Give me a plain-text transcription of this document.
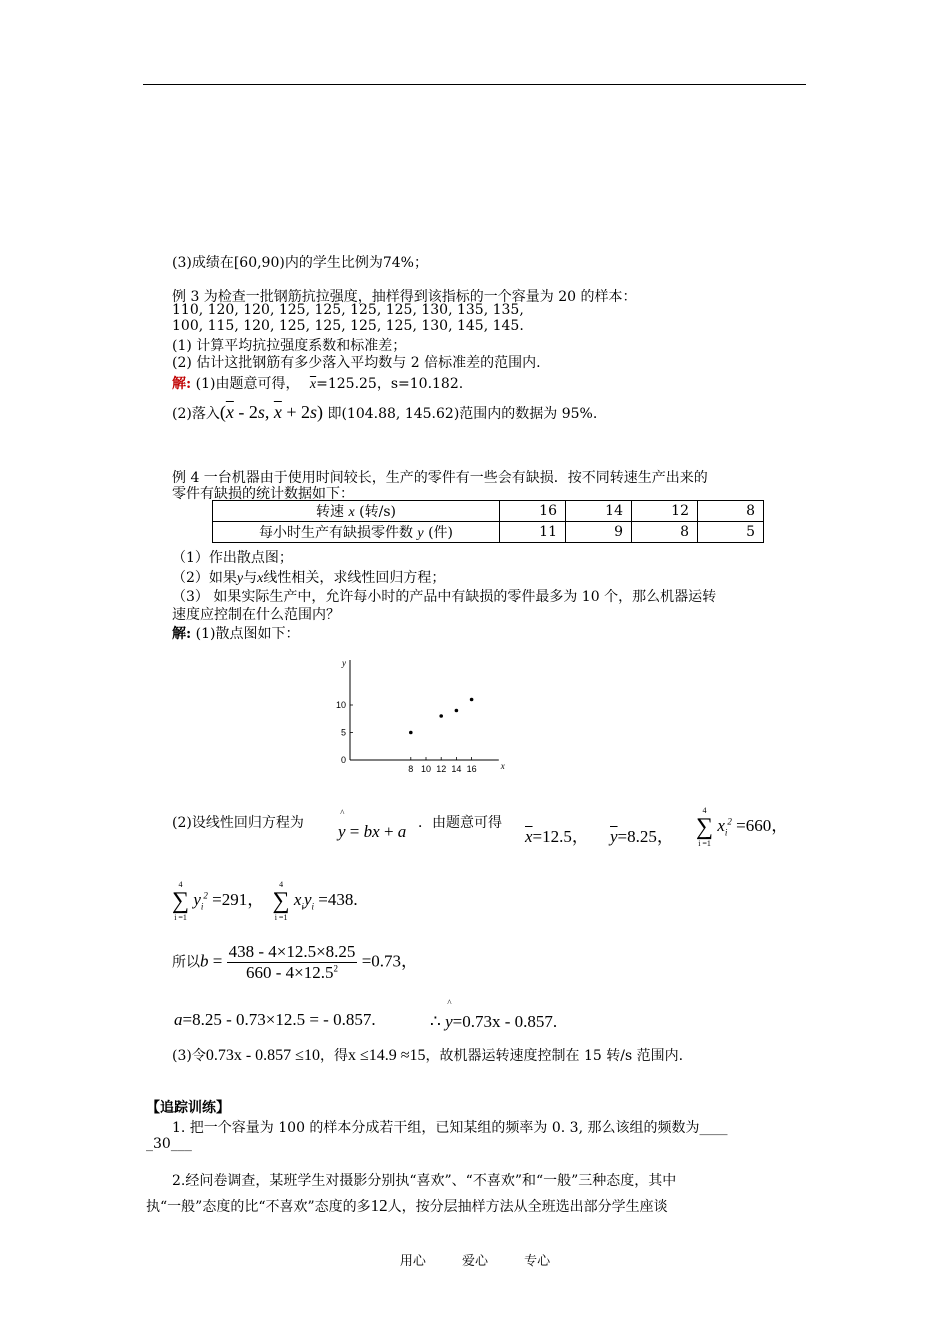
(3)成绩在[60,90)内的学生比例为74%；
例 3 为检查一批钢筋抗拉强度，抽样得到该指标的一个容量为 20 的样本：
110, 120, 120, 125, 125, 125, 125, 130, 135, 135,
100, 115, 120, 125, 125, 125, 125, 130, 145, 145.
(1) 计算平均抗拉强度系数和标准差；
(2) 估计这批钢筋有多少落入平均数与 2 倍标准差的范围内.
解: (1)由题意可得， $\overline{x}=125.25$，s=10.182.
(2)落入($\overline{x} - 2s$, $\overline{x} + 2s$) 即(104.88, 145.62)范围内的数据为 95%.
例 4 一台机器由于使用时间较长，生产的零件有一些会有缺损．按不同转速生产出来的
零件有缺损的统计数据如下：
转速 x (转/s)	16	14	12	8
每小时生产有缺损零件数 y (件)	11	9	8	5
（1）作出散点图；
（2）如果y与x线性相关，求线性回归方程；
（3） 如果实际生产中，允许每小时的产品中有缺损的零件最多为 10 个，那么机器运转
速度应控制在什么范围内？
解: (1)散点图如下：
x
y
8 10 12 14 16
0
5
10
(2)设线性回归方程为 y
^
= bx + a ．由题意可得
$\overline{x}=12.5$， $\overline{y}=8.25$，
4
∑
i =1
$x_i^2 =660$，
4
∑
i =1
$y_i^2 =291$，
4
∑
i =1
$x_iy_i =438$.
所以$b = \frac{438 - 4\times 12.5\times 8.25}{660 - 4\times 12.5^2} =0.73$，
a=8.25 - 0.73×12.5 = - 0.857.	∴ y
^
=0.73x - 0.857.
(3)令0.73x - 0.857 ≤10，得x ≤14.9 ≈15，故机器运转速度控制在 15 转/s 范围内.
【追踪训练】
1. 把一个容量为 100 的样本分成若干组，已知某组的频率为 0. 3, 那么该组的频数为____
_30___
2.经问卷调查，某班学生对摄影分别执“喜欢”、“不喜欢”和“一般”三种态度，其中
执“一般”态度的比“不喜欢”态度的多12人，按分层抽样方法从全班选出部分学生座谈
用心	爱心	专心
